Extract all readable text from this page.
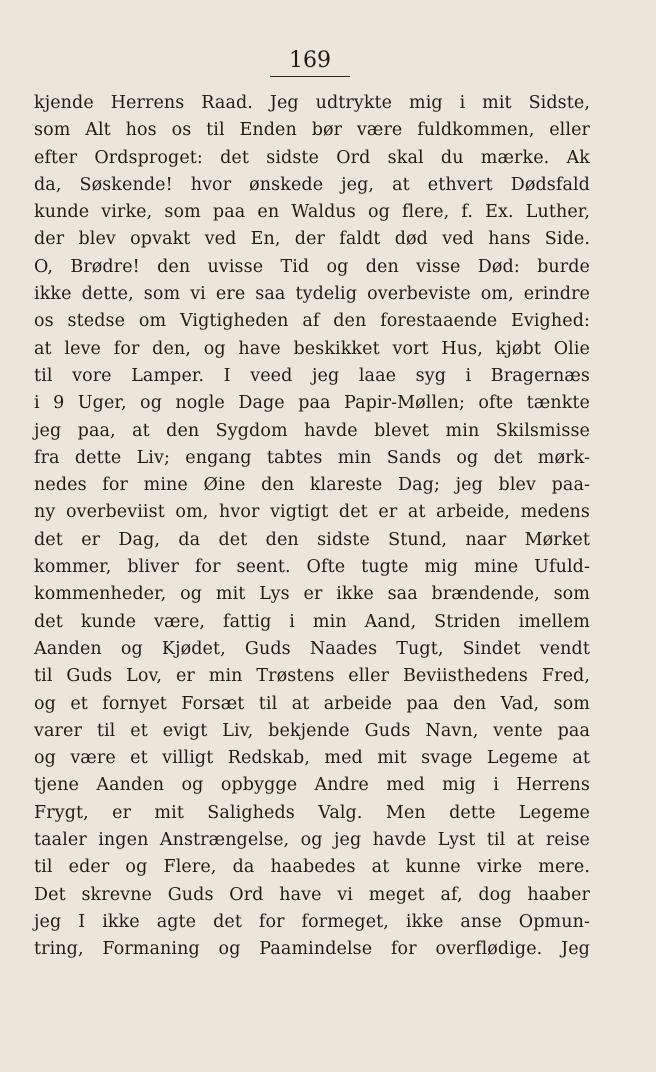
169
kjende Herrens Raad. Jeg udtrykte mig i mit Sidste,
som Alt hos os til Enden bør være fuldkommen, eller
efter Ordsproget: det sidste Ord skal du mærke. Ak
da, Søskende! hvor ønskede jeg, at ethvert Dødsfald
kunde virke, som paa en Waldus og flere, f. Ex. Luther,
der blev opvakt ved En, der faldt død ved hans Side.
O, Brødre! den uvisse Tid og den visse Død: burde
ikke dette, som vi ere saa tydelig overbeviste om, erindre
os stedse om Vigtigheden af den forestaaende Evighed:
at leve for den, og have beskikket vort Hus, kjøbt Olie
til vore Lamper. I veed jeg laae syg i Bragernæs
i 9 Uger, og nogle Dage paa Papir-Møllen; ofte tænkte
jeg paa, at den Sygdom havde blevet min Skilsmisse
fra dette Liv; engang tabtes min Sands og det mørk-
nedes for mine Øine den klareste Dag; jeg blev paa-
ny overbeviist om, hvor vigtigt det er at arbeide, medens
det er Dag, da det den sidste Stund, naar Mørket
kommer, bliver for seent. Ofte tugte mig mine Ufuld-
kommenheder, og mit Lys er ikke saa brændende, som
det kunde være, fattig i min Aand, Striden imellem
Aanden og Kjødet, Guds Naades Tugt, Sindet vendt
til Guds Lov, er min Trøstens eller Beviisthedens Fred,
og et fornyet Forsæt til at arbeide paa den Vad, som
varer til et evigt Liv, bekjende Guds Navn, vente paa
og være et villigt Redskab, med mit svage Legeme at
tjene Aanden og opbygge Andre med mig i Herrens
Frygt, er mit Saligheds Valg. Men dette Legeme
taaler ingen Anstrængelse, og jeg havde Lyst til at reise
til eder og Flere, da haabedes at kunne virke mere.
Det skrevne Guds Ord have vi meget af, dog haaber
jeg I ikke agte det for formeget, ikke anse Opmun-
tring, Formaning og Paamindelse for overflødige. Jeg
